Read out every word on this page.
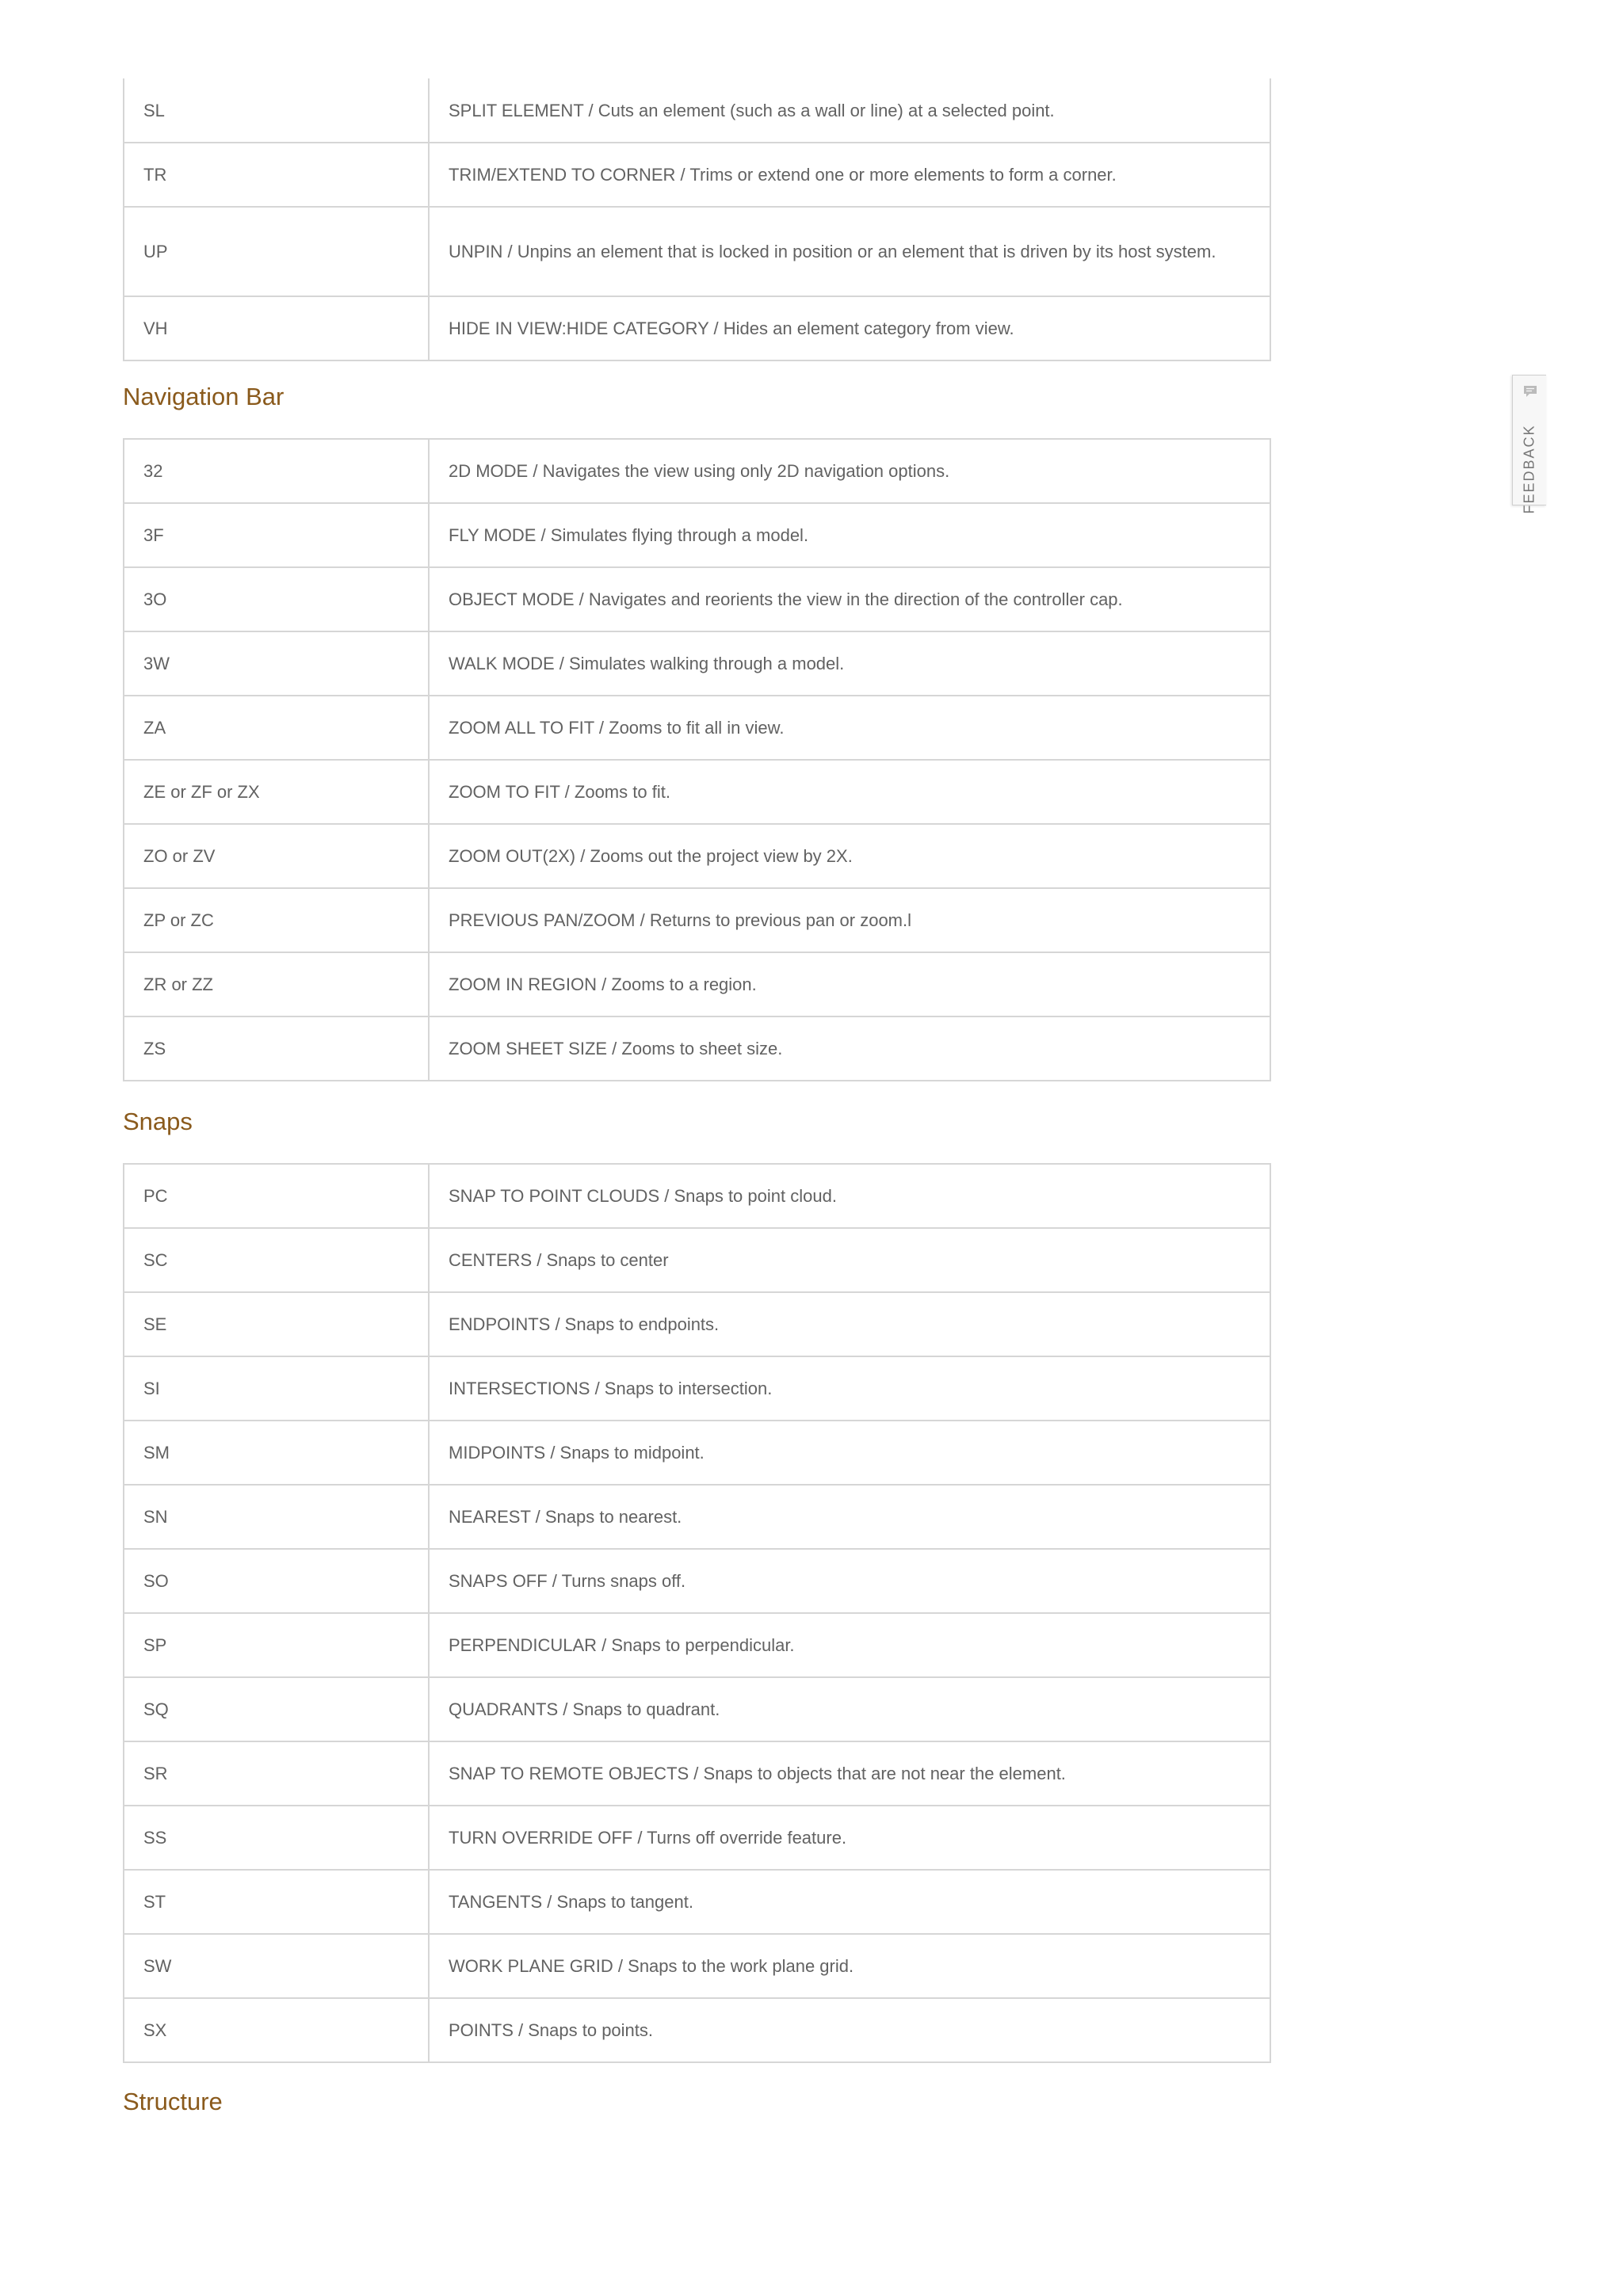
SL	SPLIT ELEMENT / Cuts an element (such as a wall or line) at a selected point.
TR	TRIM/EXTEND TO CORNER / Trims or extend one or more elements to form a corner.
UP	UNPIN / Unpins an element that is locked in position or an element that is driven by its host system.
VH	HIDE IN VIEW:HIDE CATEGORY / Hides an element category from view.
Navigation Bar
32	2D MODE / Navigates the view using only 2D navigation options.
3F	FLY MODE / Simulates flying through a model.
3O	OBJECT MODE / Navigates and reorients the view in the direction of the controller cap.
3W	WALK MODE / Simulates walking through a model.
ZA	ZOOM ALL TO FIT / Zooms to fit all in view.
ZE or ZF or ZX	ZOOM TO FIT / Zooms to fit.
ZO or ZV	ZOOM OUT(2X) / Zooms out the project view by 2X.
ZP or ZC	PREVIOUS PAN/ZOOM / Returns to previous pan or zoom.l
ZR or ZZ	ZOOM IN REGION / Zooms to a region.
ZS	ZOOM SHEET SIZE / Zooms to sheet size.
Snaps
PC	SNAP TO POINT CLOUDS / Snaps to point cloud.
SC	CENTERS / Snaps to center
SE	ENDPOINTS / Snaps to endpoints.
SI	INTERSECTIONS / Snaps to intersection.
SM	MIDPOINTS / Snaps to midpoint.
SN	NEAREST / Snaps to nearest.
SO	SNAPS OFF / Turns snaps off.
SP	PERPENDICULAR / Snaps to perpendicular.
SQ	QUADRANTS / Snaps to quadrant.
SR	SNAP TO REMOTE OBJECTS / Snaps to objects that are not near the element.
SS	TURN OVERRIDE OFF / Turns off override feature.
ST	TANGENTS / Snaps to tangent.
SW	WORK PLANE GRID / Snaps to the work plane grid.
SX	POINTS / Snaps to points.
Structure

FEEDBACK
